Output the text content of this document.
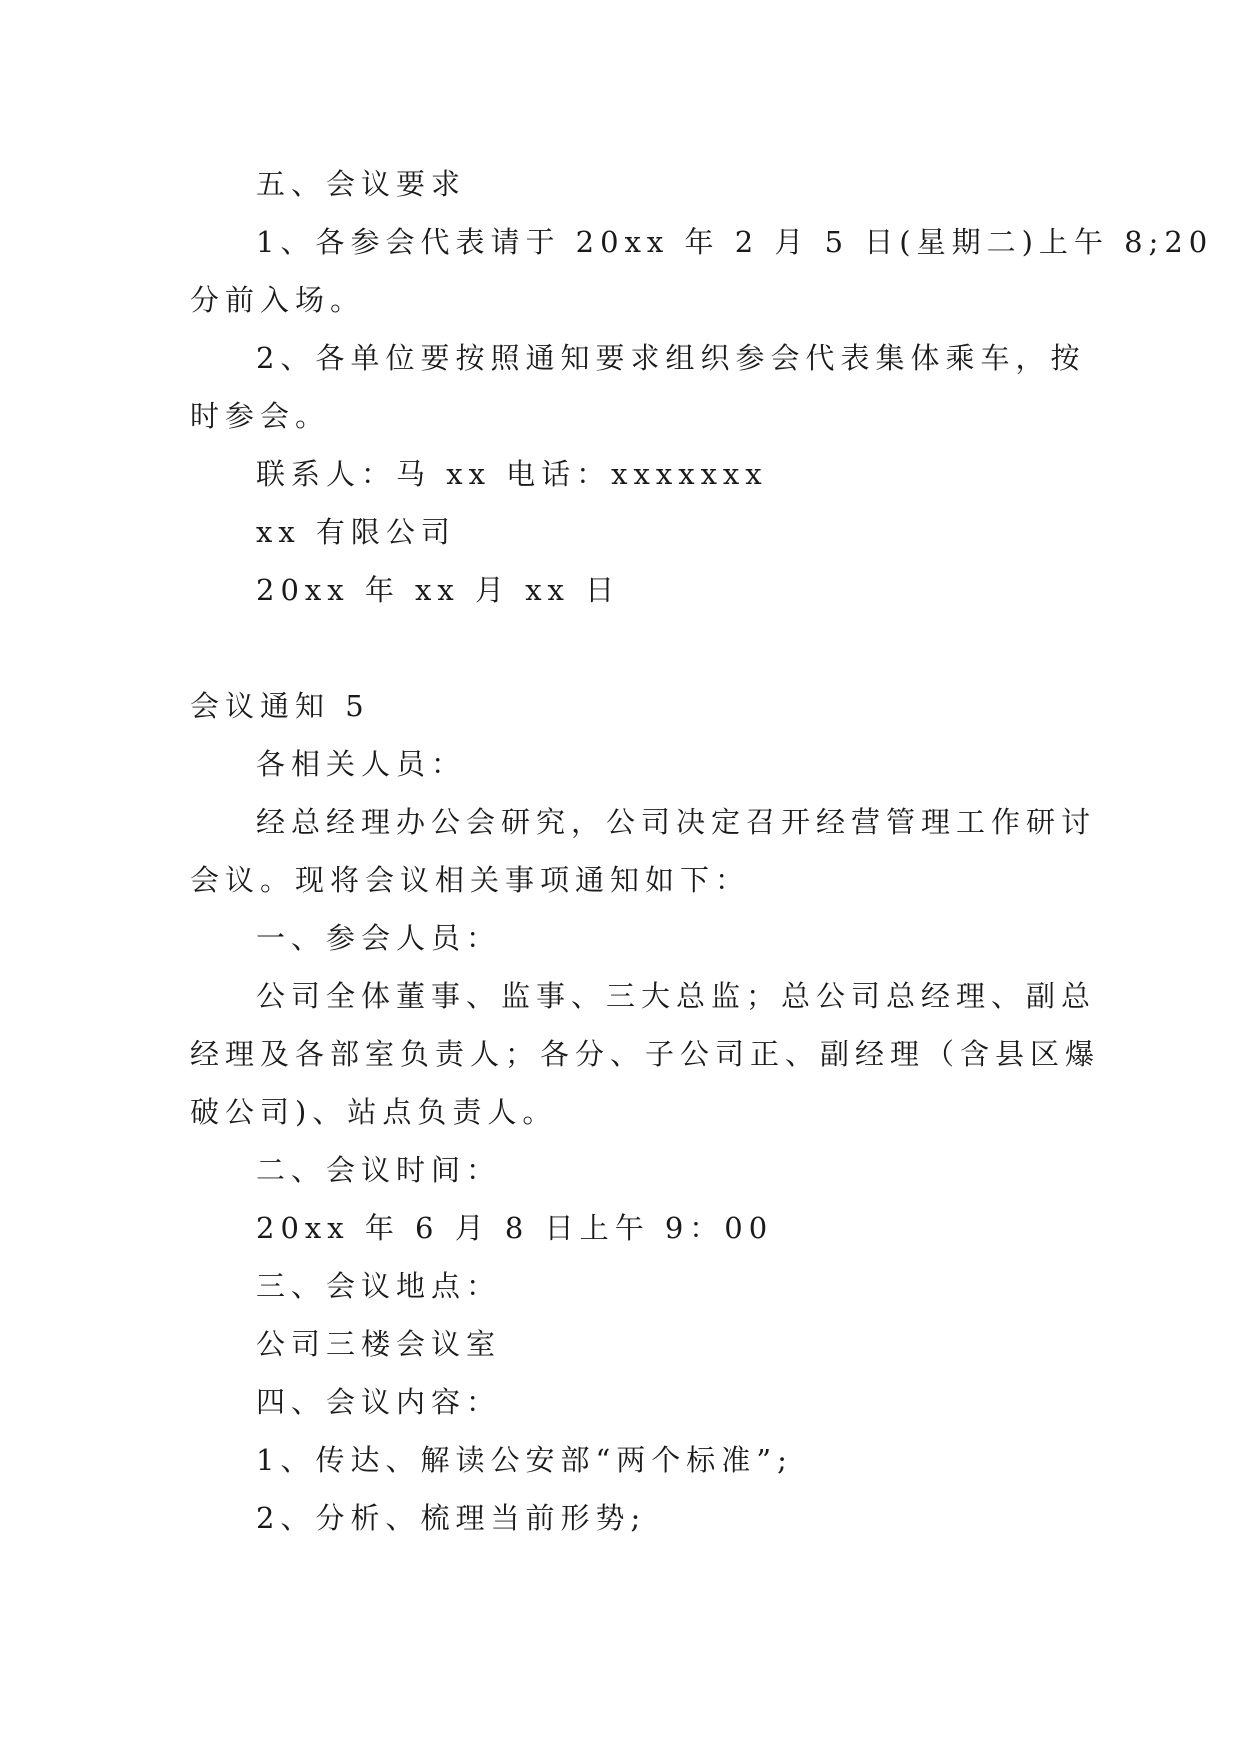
五、会议要求
1、各参会代表请于 20xx 年 2 月 5 日(星期二)上午 8;20
分前入场。
2、各单位要按照通知要求组织参会代表集体乘车，按
时参会。
联系人：马 xx 电话：xxxxxxx
xx 有限公司
20xx 年 xx 月 xx 日
会议通知 5
各相关人员：
经总经理办公会研究，公司决定召开经营管理工作研讨
会议。现将会议相关事项通知如下：
一、参会人员：
公司全体董事、监事、三大总监；总公司总经理、副总
经理及各部室负责人；各分、子公司正、副经理（含县区爆
破公司)、站点负责人。
二、会议时间：
20xx 年 6 月 8 日上午 9：00
三、会议地点：
公司三楼会议室
四、会议内容：
1、传达、解读公安部“两个标准”;
2、分析、梳理当前形势;
